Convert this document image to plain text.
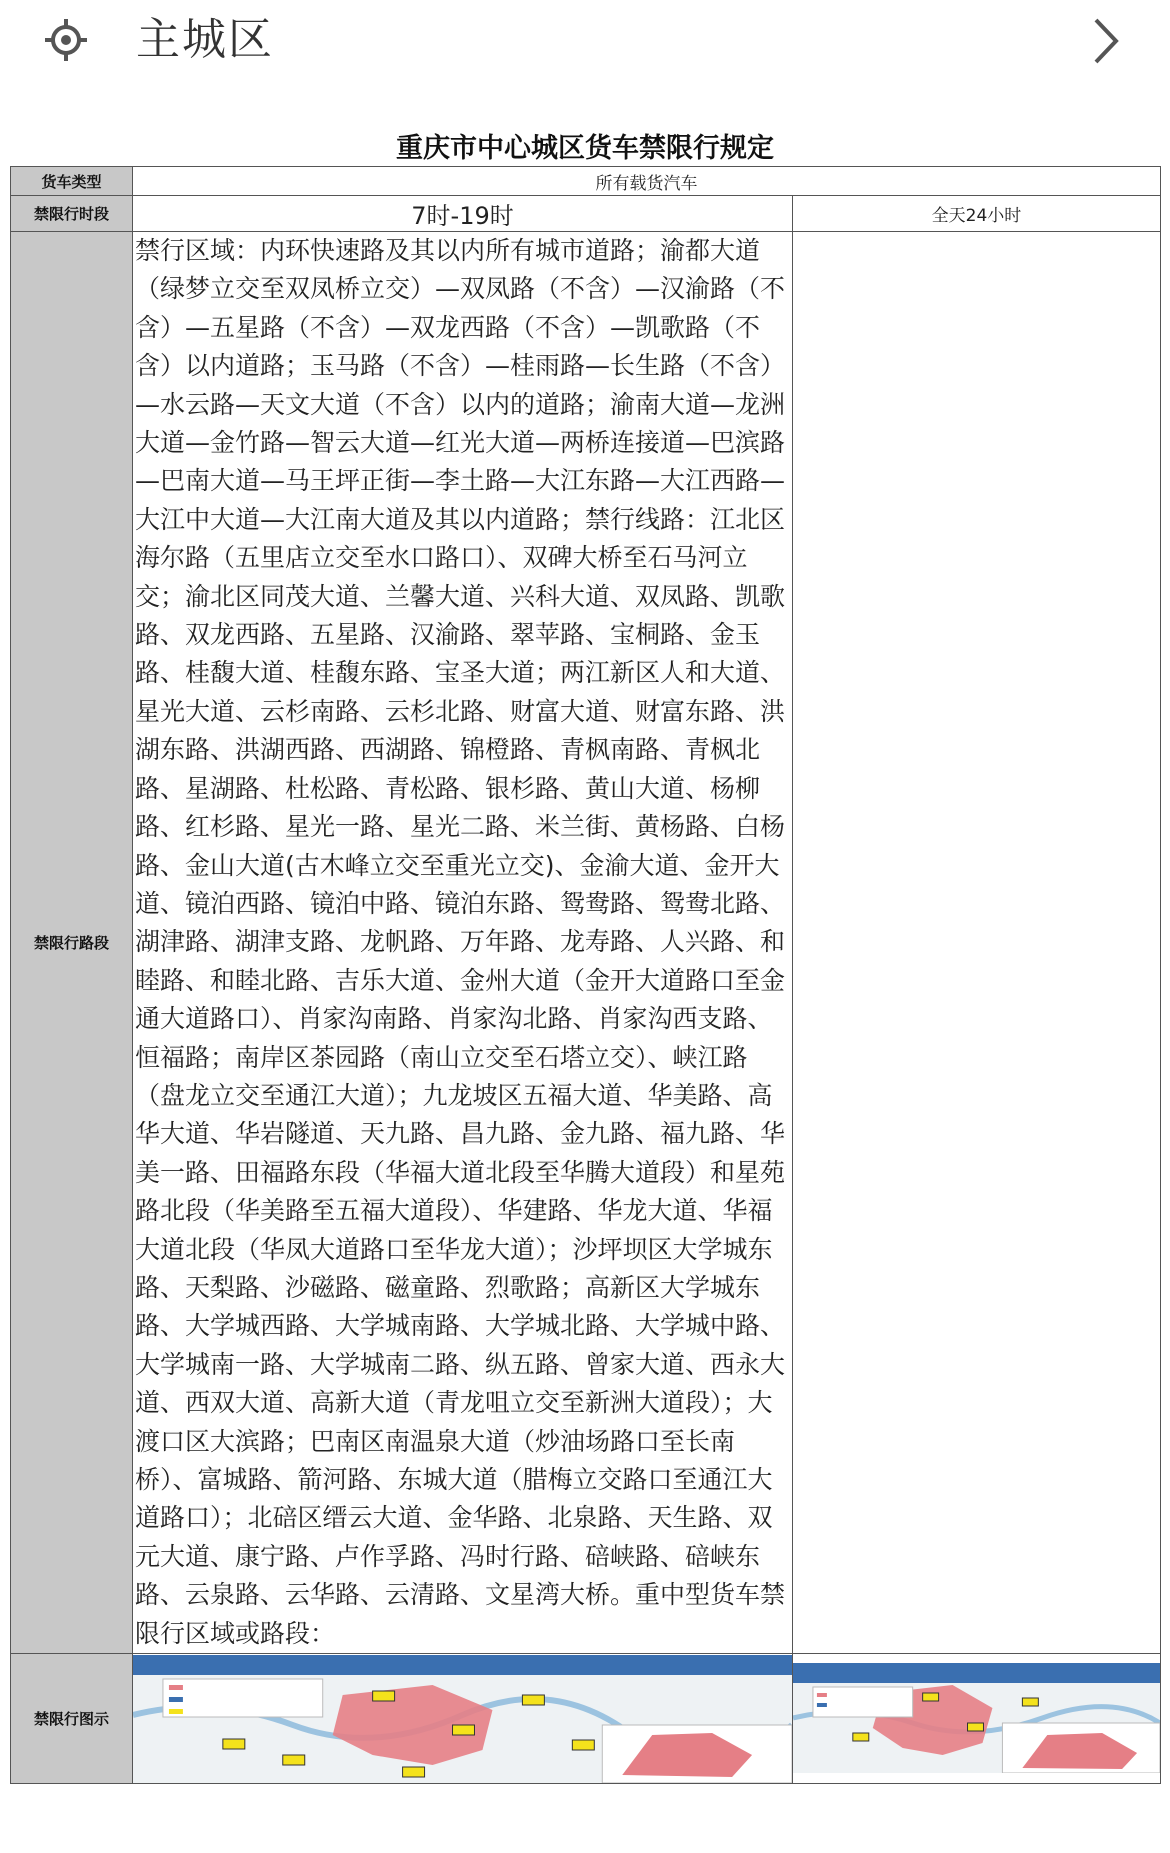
主城区
重庆市中心城区货车禁限行规定
货车类型	所有载货汽车	
禁限行时段	7时-19时	全天24小时
禁限行路段	禁行区域：内环快速路及其以内所有城市道路；渝都大道（绿梦立交至双凤桥立交）—双凤路（不含）—汉渝路（不含）—五星路（不含）—双龙西路（不含）—凯歌路（不含）以内道路；玉马路（不含）—桂雨路—长生路（不含）—水云路—天文大道（不含）以内的道路；渝南大道—龙洲大道—金竹路—智云大道—红光大道—两桥连接道—巴滨路—巴南大道—马王坪正街—李土路—大江东路—大江西路—大江中大道—大江南大道及其以内道路；禁行线路：江北区海尔路（五里店立交至水口路口）、双碑大桥至石马河立交；渝北区同茂大道、兰馨大道、兴科大道、双凤路、凯歌路、双龙西路、五星路、汉渝路、翠苹路、宝桐路、金玉路、桂馥大道、桂馥东路、宝圣大道；两江新区人和大道、星光大道、云杉南路、云杉北路、财富大道、财富东路、洪湖东路、洪湖西路、西湖路、锦橙路、青枫南路、青枫北路、星湖路、杜松路、青松路、银杉路、黄山大道、杨柳路、红杉路、星光一路、星光二路、米兰街、黄杨路、白杨路、金山大道(古木峰立交至重光立交)、金渝大道、金开大道、镜泊西路、镜泊中路、镜泊东路、鸳鸯路、鸳鸯北路、湖津路、湖津支路、龙帆路、万年路、龙寿路、人兴路、和睦路、和睦北路、吉乐大道、金州大道（金开大道路口至金通大道路口）、肖家沟南路、肖家沟北路、肖家沟西支路、恒福路；南岸区茶园路（南山立交至石塔立交）、峡江路（盘龙立交至通江大道）；九龙坡区五福大道、华美路、高华大道、华岩隧道、天九路、昌九路、金九路、福九路、华美一路、田福路东段（华福大道北段至华腾大道段）和星苑路北段（华美路至五福大道段）、华建路、华龙大道、华福大道北段（华凤大道路口至华龙大道）；沙坪坝区大学城东路、天梨路、沙磁路、磁童路、烈歌路；高新区大学城东路、大学城西路、大学城南路、大学城北路、大学城中路、大学城南一路、大学城南二路、纵五路、曾家大道、西永大道、西双大道、高新大道（青龙咀立交至新洲大道段）；大渡口区大滨路；巴南区南温泉大道（炒油场路口至长南桥）、富城路、箭河路、东城大道（腊梅立交路口至通江大道路口）；北碚区缙云大道、金华路、北泉路、天生路、双元大道、康宁路、卢作孚路、冯时行路、碚峡路、碚峡东路、云泉路、云华路、云清路、文星湾大桥。重中型货车禁限行区域或路段：	
禁限行图示	
